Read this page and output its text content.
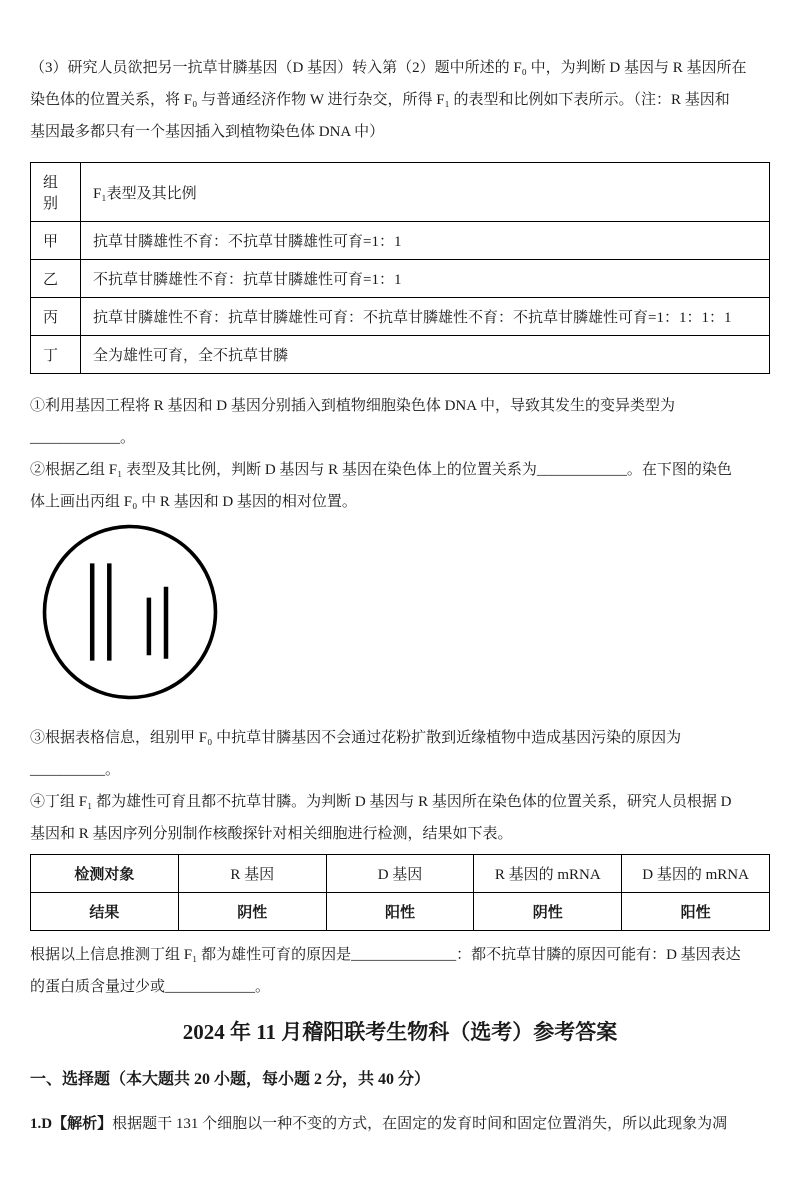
（3）研究人员欲把另一抗草甘膦基因（D 基因）转入第（2）题中所述的 F₀ 中，为判断 D 基因与 R 基因所在
染色体的位置关系，将 F₀ 与普通经济作物 W 进行杂交，所得 F₁ 的表型和比例如下表所示。（注：R 基因和
基因最多都只有一个基因插入到植物染色体 DNA 中）

组别	F₁表型及其比例
甲	抗草甘膦雄性不育：不抗草甘膦雄性可育=1：1
乙	不抗草甘膦雄性不育：抗草甘膦雄性可育=1：1
丙	抗草甘膦雄性不育：抗草甘膦雄性可育：不抗草甘膦雄性不育：不抗草甘膦雄性可育=1：1：1：1
丁	全为雄性可育，全不抗草甘膦

①利用基因工程将 R 基因和 D 基因分别插入到植物细胞染色体 DNA 中，导致其发生的变异类型为
____________。

②根据乙组 F₁ 表型及其比例，判断 D 基因与 R 基因在染色体上的位置关系为____________。在下图的染色
体上画出丙组 F₀ 中 R 基因和 D 基因的相对位置。

③根据表格信息，组别甲 F₀ 中抗草甘膦基因不会通过花粉扩散到近缘植物中造成基因污染的原因为
__________。

④丁组 F₁ 都为雄性可育且都不抗草甘膦。为判断 D 基因与 R 基因所在染色体的位置关系，研究人员根据 D
基因和 R 基因序列分别制作核酸探针对相关细胞进行检测，结果如下表。

检测对象	R 基因	D 基因	R 基因的 mRNA	D 基因的 mRNA
结果	阴性	阳性	阴性	阳性

根据以上信息推测丁组 F₁ 都为雄性可育的原因是______________：都不抗草甘膦的原因可能有：D 基因表达
的蛋白质含量过少或____________。

2024 年 11 月稽阳联考生物科（选考）参考答案
一、选择题（本大题共 20 小题，每小题 2 分，共 40 分）

1.D【解析】根据题干 131 个细胞以一种不变的方式，在固定的发育时间和固定位置消失，所以此现象为凋
